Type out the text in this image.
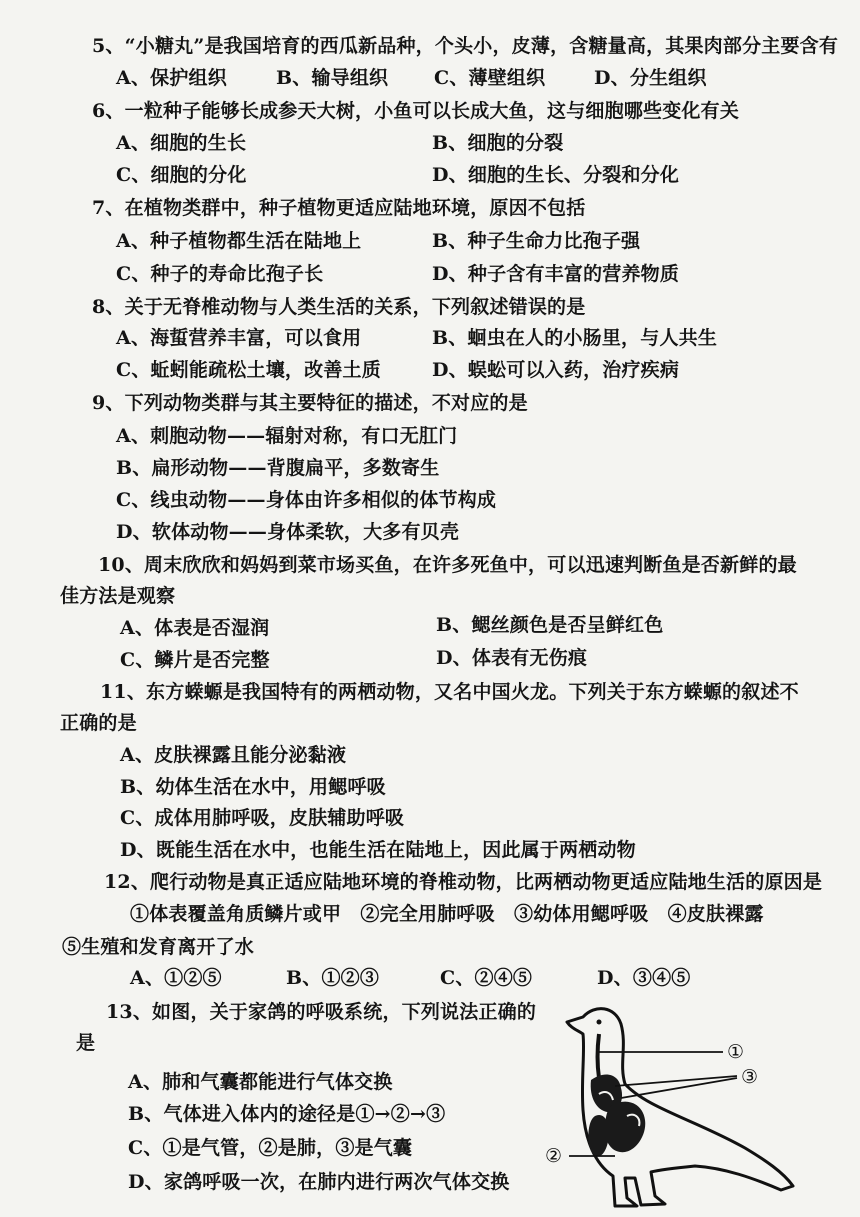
5、“小糖丸”是我国培育的西瓜新品种，个头小，皮薄，含糖量高，其果肉部分主要含有
A、保护组织	B、输导组织 C、薄壁组织	D、分生组织
6、一粒种子能够长成参天大树，小鱼可以长成大鱼，这与细胞哪些变化有关
A、细胞的生长	B、细胞的分裂
C、细胞的分化	D、细胞的生长、分裂和分化
7、在植物类群中，种子植物更适应陆地环境，原因不包括
A、种子植物都生活在陆地上	B、种子生命力比孢子强
C、种子的寿命比孢子长	D、种子含有丰富的营养物质
8、关于无脊椎动物与人类生活的关系，下列叙述错误的是
A、海蜇营养丰富，可以食用	B、蛔虫在人的小肠里，与人共生
C、蚯蚓能疏松土壤，改善土质	D、蜈蚣可以入药，治疗疾病
9、下列动物类群与其主要特征的描述，不对应的是
A、刺胞动物——辐射对称，有口无肛门
B、扁形动物——背腹扁平，多数寄生
C、线虫动物——身体由许多相似的体节构成
D、软体动物——身体柔软，大多有贝壳
10、周末欣欣和妈妈到菜市场买鱼，在许多死鱼中，可以迅速判断鱼是否新鲜的最
佳方法是观察
A、体表是否湿润	B、鳃丝颜色是否呈鲜红色
C、鳞片是否完整	D、体表有无伤痕
11、东方蝾螈是我国特有的两栖动物，又名中国火龙。下列关于东方蝾螈的叙述不
正确的是
A、皮肤裸露且能分泌黏液
B、幼体生活在水中，用鳃呼吸
C、成体用肺呼吸，皮肤辅助呼吸
D、既能生活在水中，也能生活在陆地上，因此属于两栖动物
12、爬行动物是真正适应陆地环境的脊椎动物，比两栖动物更适应陆地生活的原因是
①体表覆盖角质鳞片或甲　②完全用肺呼吸　③幼体用鳃呼吸　④皮肤裸露
⑤生殖和发育离开了水
A、①②⑤	B、①②③	C、②④⑤	D、③④⑤
13、如图，关于家鸽的呼吸系统，下列说法正确的
是
A、肺和气囊都能进行气体交换
B、气体进入体内的途径是①→②→③
C、①是气管，②是肺，③是气囊
D、家鸽呼吸一次，在肺内进行两次气体交换
①
③
②
